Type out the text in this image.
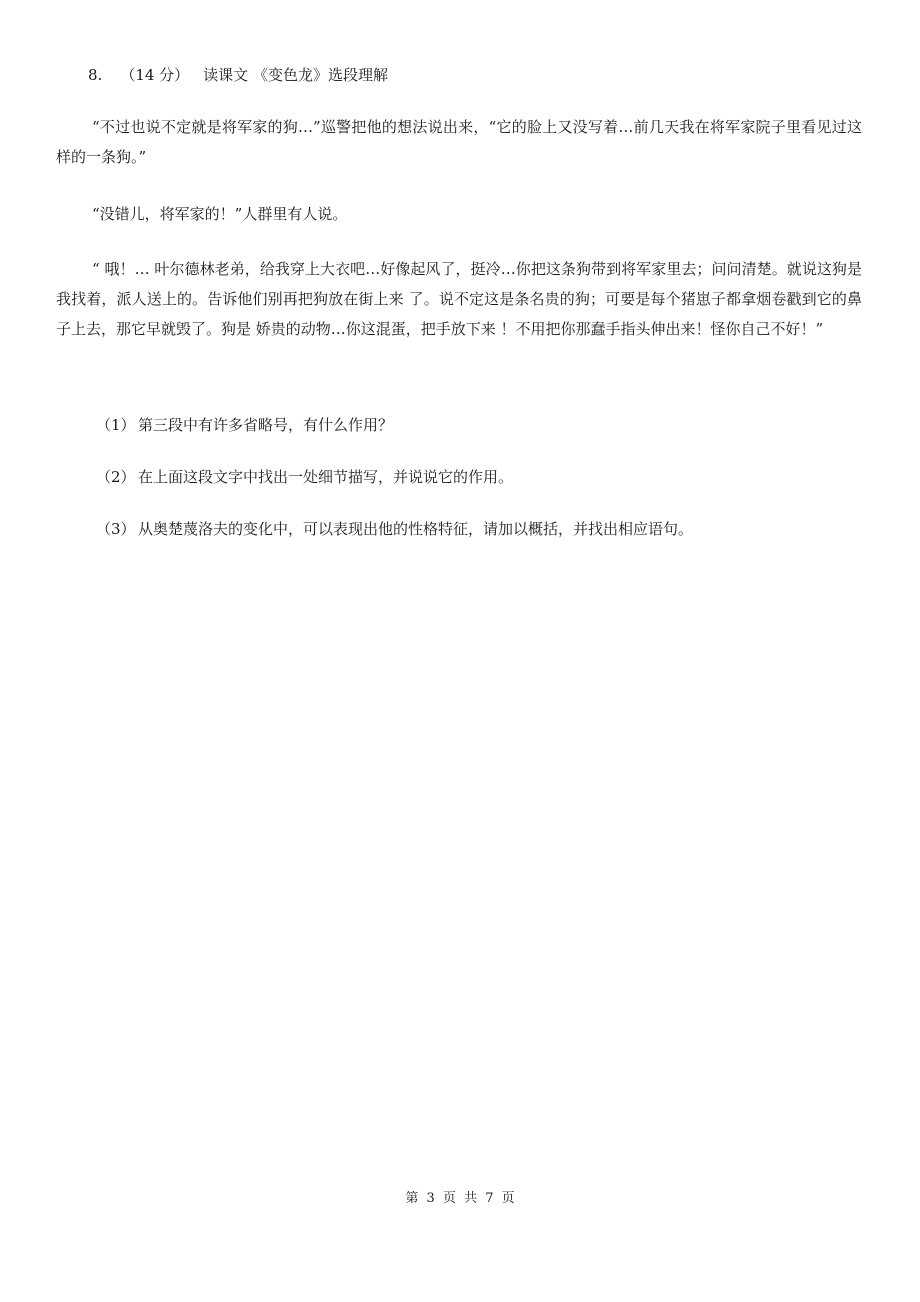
8. （14 分） 读课文 《变色龙》选段理解

“不过也说不定就是将军家的狗…”巡警把他的想法说出来，“它的脸上又没写着…前几天我在将军家院子里看见过这样的一条狗。”

“没错儿，将军家的！”人群里有人说。

“ 哦！… 叶尔德林老弟，给我穿上大衣吧…好像起风了，挺冷…你把这条狗带到将军家里去；问问清楚。就说这狗是我找着，派人送上的。告诉他们别再把狗放在街上来 了。说不定这是条名贵的狗；可要是每个猪崽子都拿烟卷戳到它的鼻子上去，那它早就毁了。狗是 娇贵的动物…你这混蛋，把手放下来 ！不用把你那蠢手指头伸出来！怪你自己不好！”

（1） 第三段中有许多省略号，有什么作用？
（2） 在上面这段文字中找出一处细节描写，并说说它的作用。
（3） 从奥楚蔑洛夫的变化中，可以表现出他的性格特征，请加以概括，并找出相应语句。
第 3 页 共 7 页
